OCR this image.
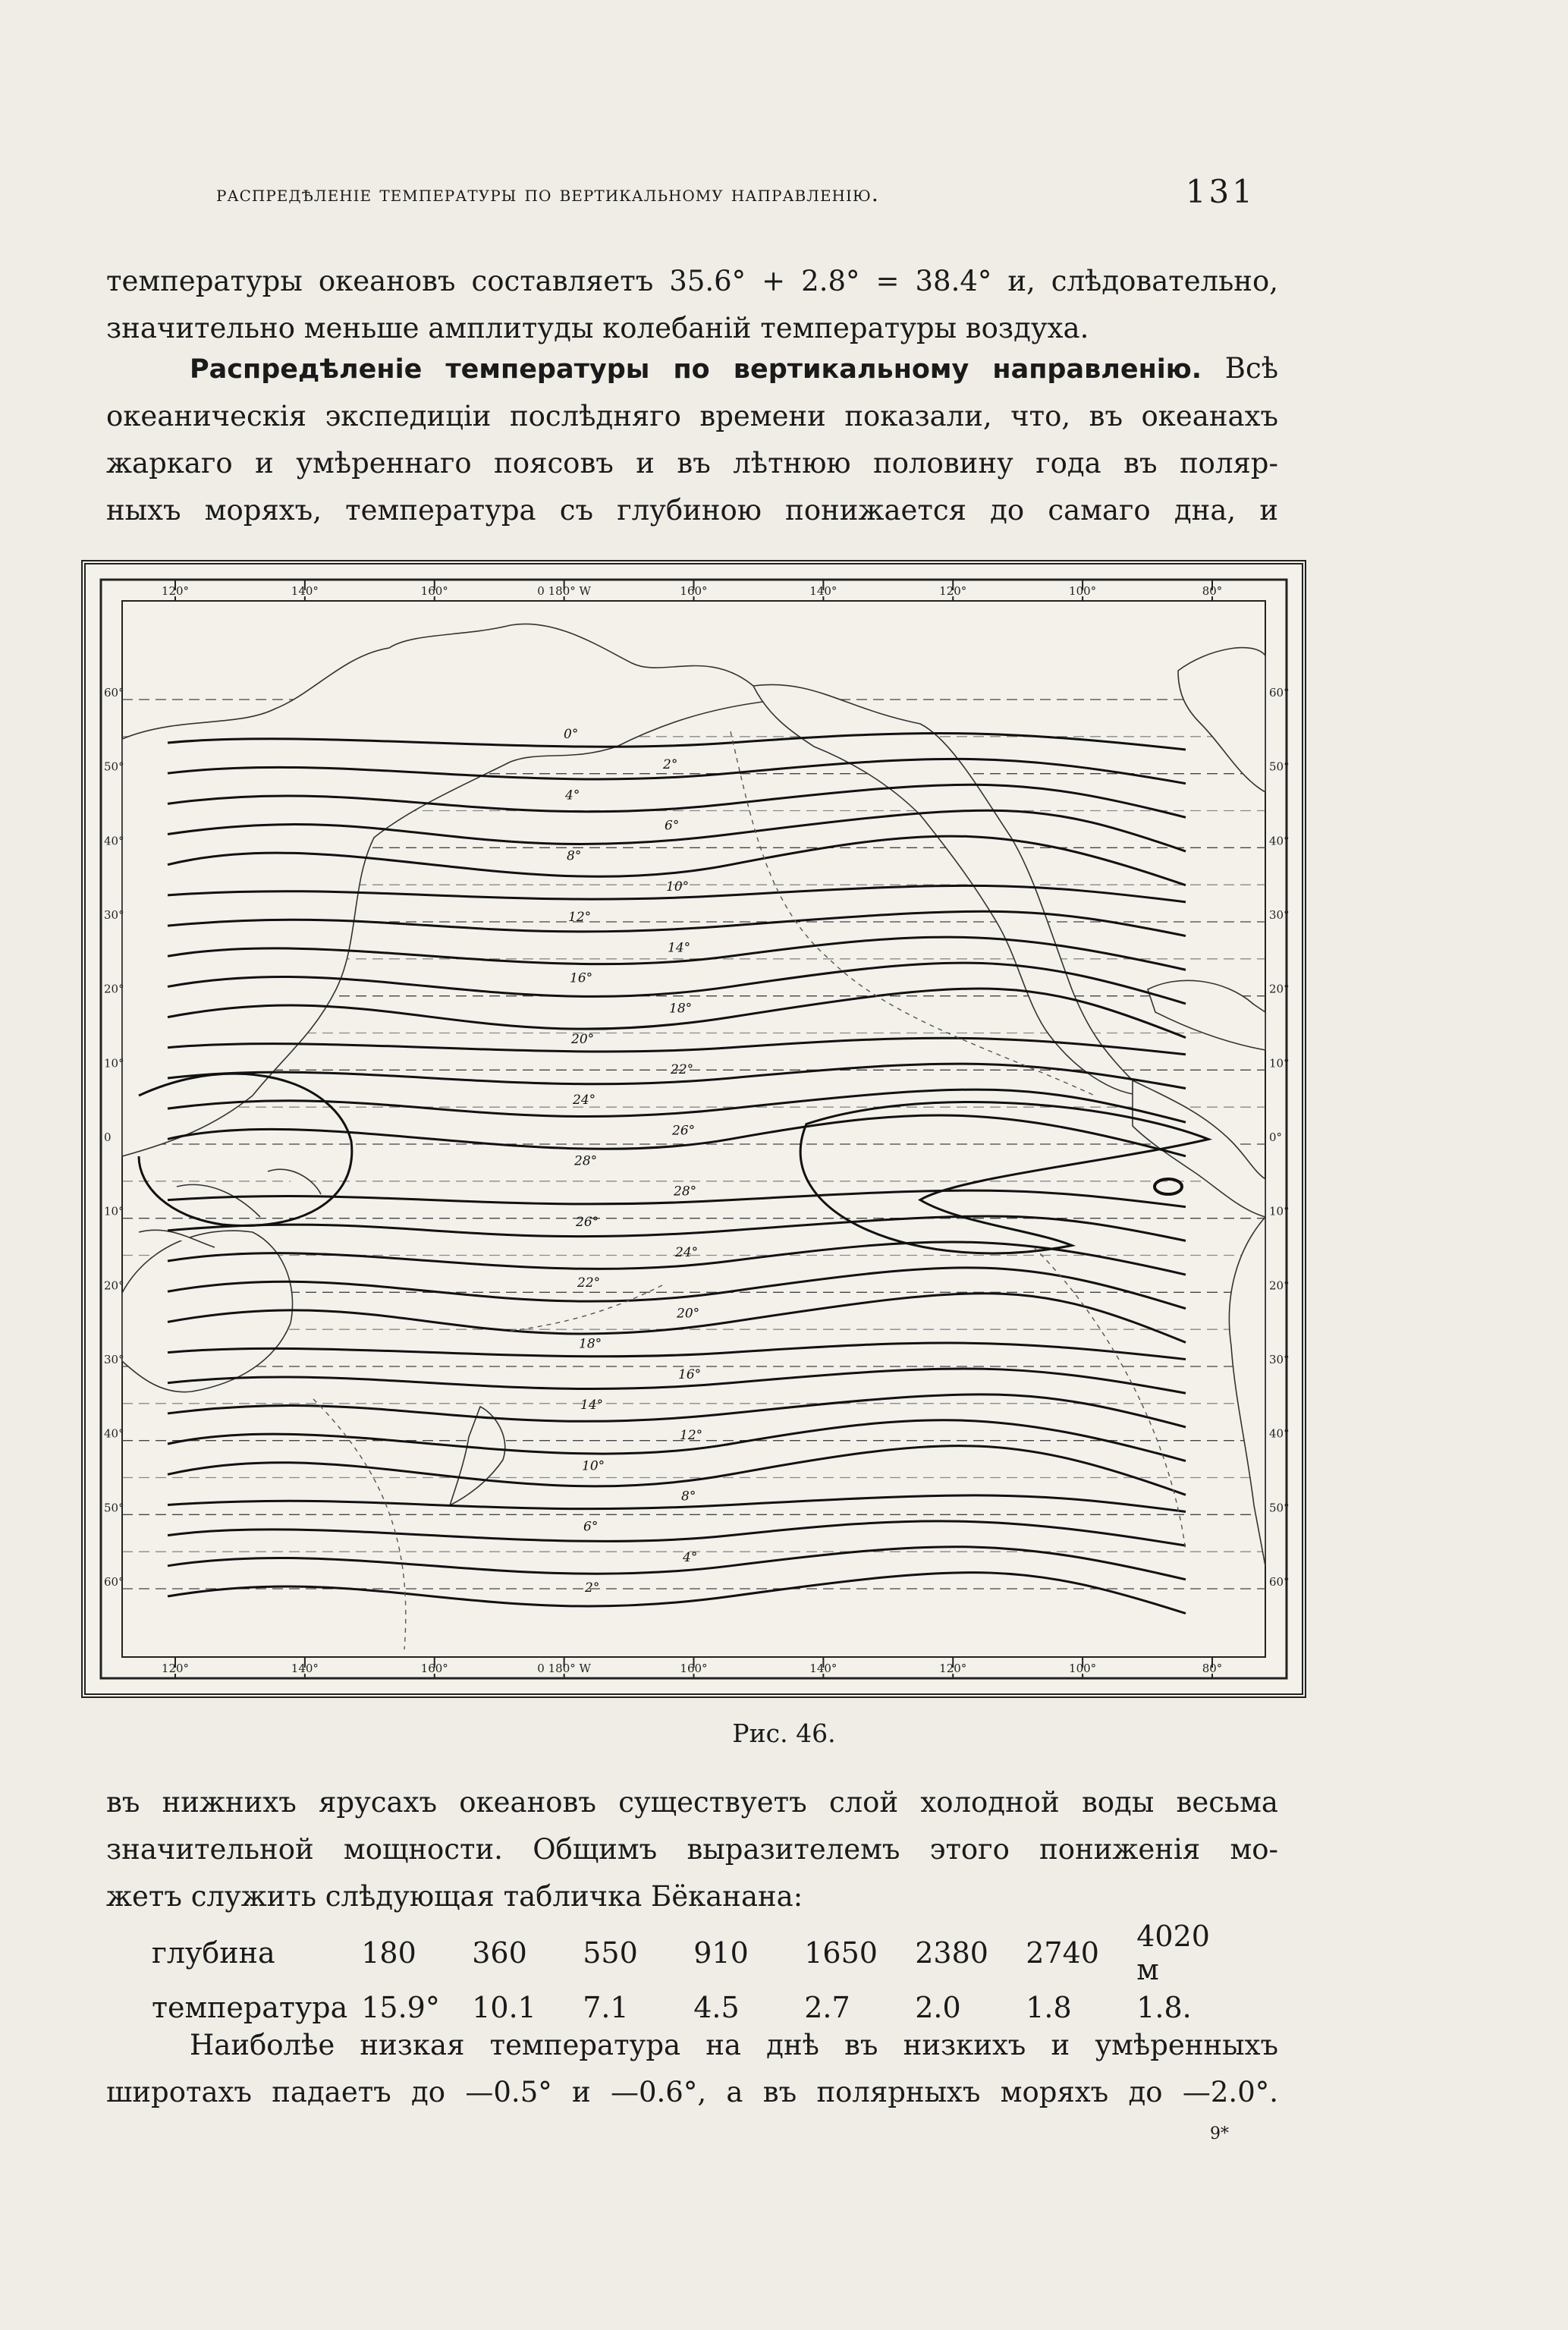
распредѣленіе температуры по вертикальному направленію.	131
температуры океановъ составляетъ 35.6° + 2.8° = 38.4° и, слѣдовательно,
значительно меньше амплитуды колебаній температуры воздуха.
Распредѣленіе температуры по вертикальному направленію. Всѣ
океаническія экспедиціи послѣдняго времени показали, что, въ океанахъ
жаркаго и умѣреннаго поясовъ и въ лѣтнюю половину года въ поляр-
ныхъ моряхъ, температура съ глубиною понижается до самаго дна, и
120°	140°	160°	0 180° W	160°	140°	120°	100°	80°
120°	140°	160°	0 180° W	160°	140°	120°	100°	80°
60°
50°
40°
30°
20°
10°
0
10°
20°
30°
40°
50°
60°
60°
50°
40°
30°
20°
10°
0°
10°
20°
30°
40°
50°
60°
0°
2°
4°
6°
8°
10°
12°
14°
16°
18°
20°
22°
24°
26°
28°
28°
26°
24°
22°
20°
18°
16°
14°
12°
10°
8°
6°
4°
2°
Рис. 46.
въ нижнихъ ярусахъ океановъ существуетъ слой холодной воды весьма
значительной мощности. Общимъ выразителемъ этого пониженія мо-
жетъ служить слѣдующая табличка Бёканана:
глубина	180	360	550	910	1650	2380	2740	4020 м
температура	15.9°	10.1	7.1	4.5	2.7	2.0	1.8	1.8.
Наиболѣе низкая температура на днѣ въ низкихъ и умѣренныхъ
широтахъ падаетъ до —0.5° и —0.6°, а въ полярныхъ моряхъ до —2.0°.
9*
